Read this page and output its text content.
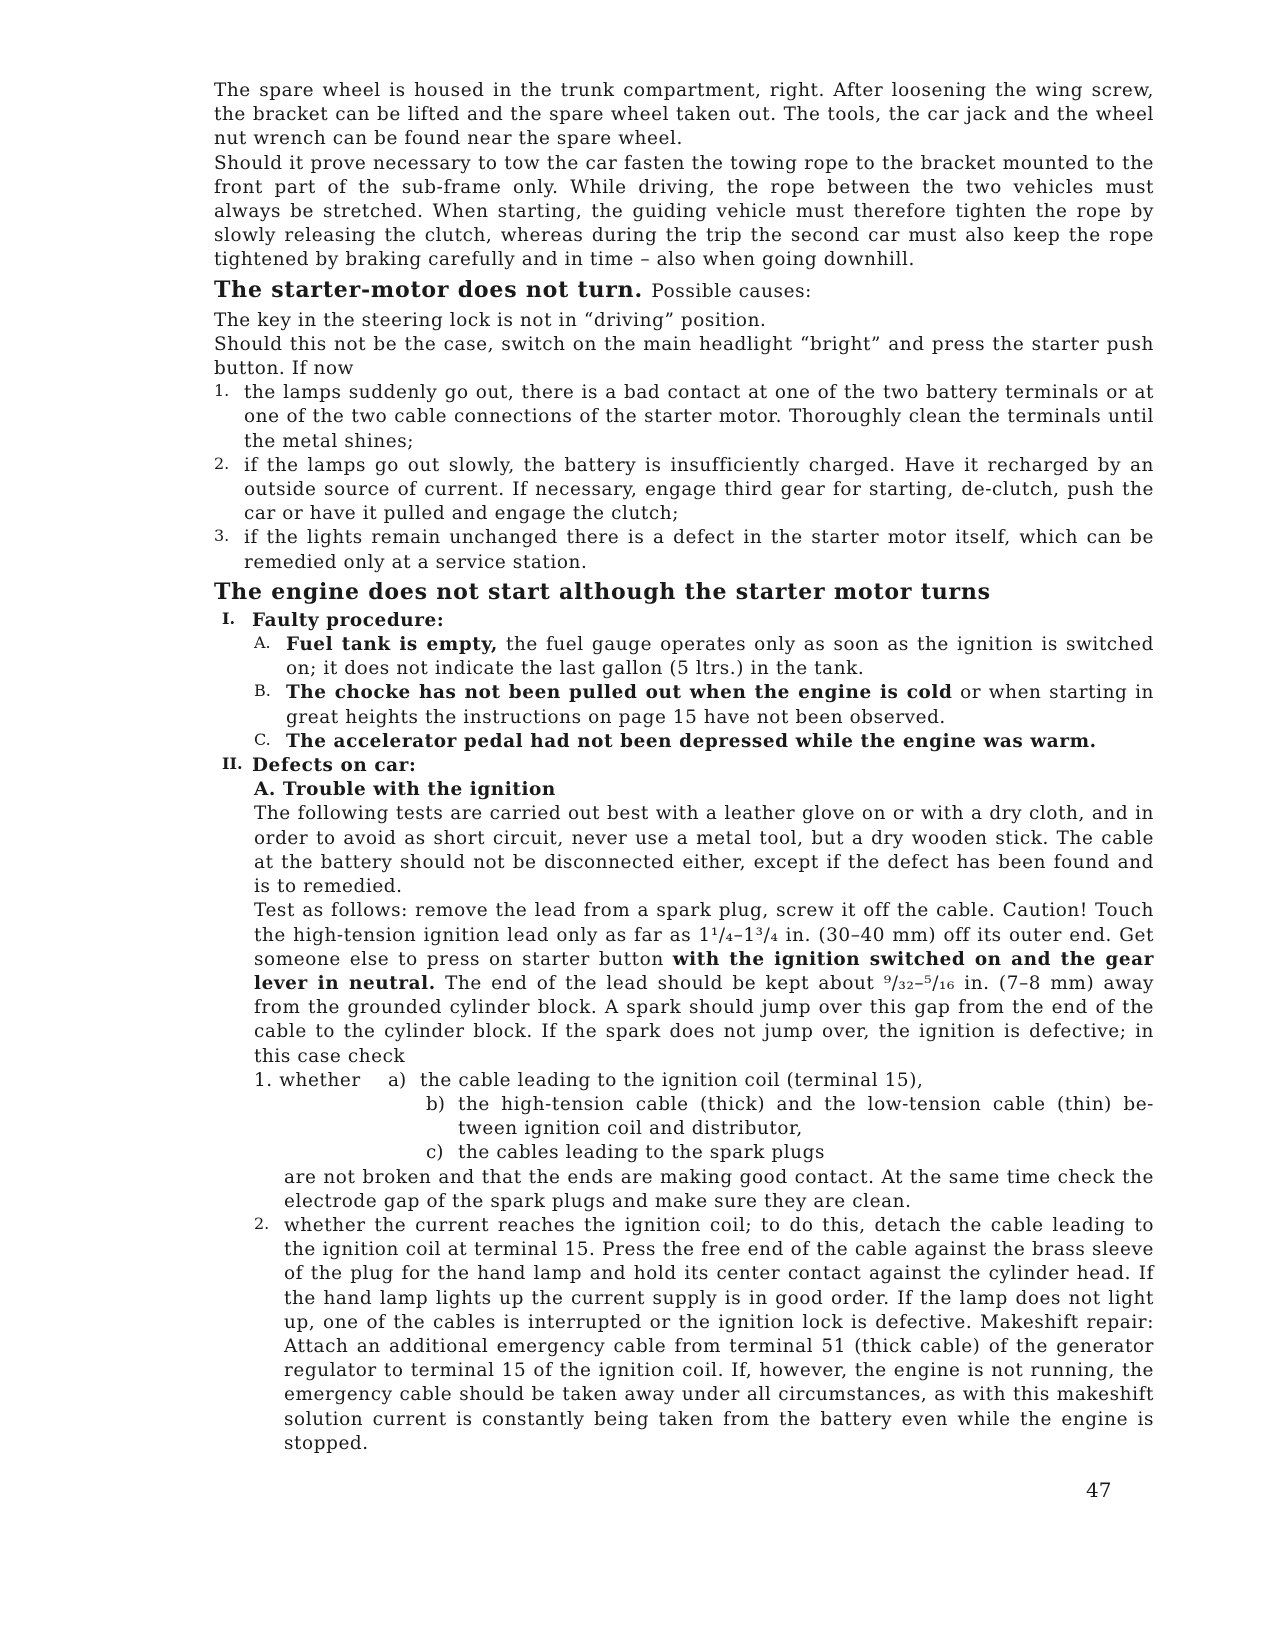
The spare wheel is housed in the trunk compartment, right. After loosening the wing screw, the bracket can be lifted and the spare wheel taken out. The tools, the car jack and the wheel nut wrench can be found near the spare wheel.

Should it prove necessary to tow the car fasten the towing rope to the bracket mounted to the front part of the sub-frame only. While driving, the rope between the two vehicles must always be stretched. When starting, the guiding vehicle must therefore tighten the rope by slowly releasing the clutch, whereas during the trip the second car must also keep the rope tightened by braking carefully and in time – also when going downhill.

The starter-motor does not turn. Possible causes:

The key in the steering lock is not in “driving” position.

Should this not be the case, switch on the main headlight “bright” and press the starter push button. If now

1. the lamps suddenly go out, there is a bad contact at one of the two battery terminals or at one of the two cable connections of the starter motor. Thoroughly clean the terminals until the metal shines;

2. if the lamps go out slowly, the battery is insufficiently charged. Have it recharged by an outside source of current. If necessary, engage third gear for starting, de-clutch, push the car or have it pulled and engage the clutch;

3. if the lights remain unchanged there is a defect in the starter motor itself, which can be remedied only at a service station.

The engine does not start although the starter motor turns
I. Faulty procedure:

A. Fuel tank is empty, the fuel gauge operates only as soon as the ignition is switched on; it does not indicate the last gallon (5 ltrs.) in the tank.

B. The chocke has not been pulled out when the engine is cold or when starting in great heights the instructions on page 15 have not been observed.

C. The accelerator pedal had not been depressed while the engine was warm.

II. Defects on car:

A. Trouble with the ignition

The following tests are carried out best with a leather glove on or with a dry cloth, and in order to avoid as short circuit, never use a metal tool, but a dry wooden stick. The cable at the battery should not be disconnected either, except if the defect has been found and is to remedied.

Test as follows: remove the lead from a spark plug, screw it off the cable. Caution! Touch the high-tension ignition lead only as far as 1¹/₄–1³/₄ in. (30–40 mm) off its outer end. Get someone else to press on starter button with the ignition switched on and the gear lever in neutral. The end of the lead should be kept about ⁹/₃₂–⁵/₁₆ in. (7–8 mm) away from the grounded cylinder block. A spark should jump over this gap from the end of the cable to the cylinder block. If the spark does not jump over, the ignition is defective; in this case check

1. whether	a) the cable leading to the ignition coil (terminal 15),

b) the high-tension cable (thick) and the low-tension cable (thin) be-tween ignition coil and distributor,

c) the cables leading to the spark plugs

are not broken and that the ends are making good contact. At the same time check the electrode gap of the spark plugs and make sure they are clean.

2. whether the current reaches the ignition coil; to do this, detach the cable leading to the ignition coil at terminal 15. Press the free end of the cable against the brass sleeve of the plug for the hand lamp and hold its center contact against the cylinder head. If the hand lamp lights up the current supply is in good order. If the lamp does not light up, one of the cables is interrupted or the ignition lock is defective. Makeshift repair: Attach an additional emergency cable from terminal 51 (thick cable) of the generator regulator to terminal 15 of the ignition coil. If, however, the engine is not running, the emergency cable should be taken away under all circumstances, as with this makeshift solution current is constantly being taken from the battery even while the engine is stopped.

47
